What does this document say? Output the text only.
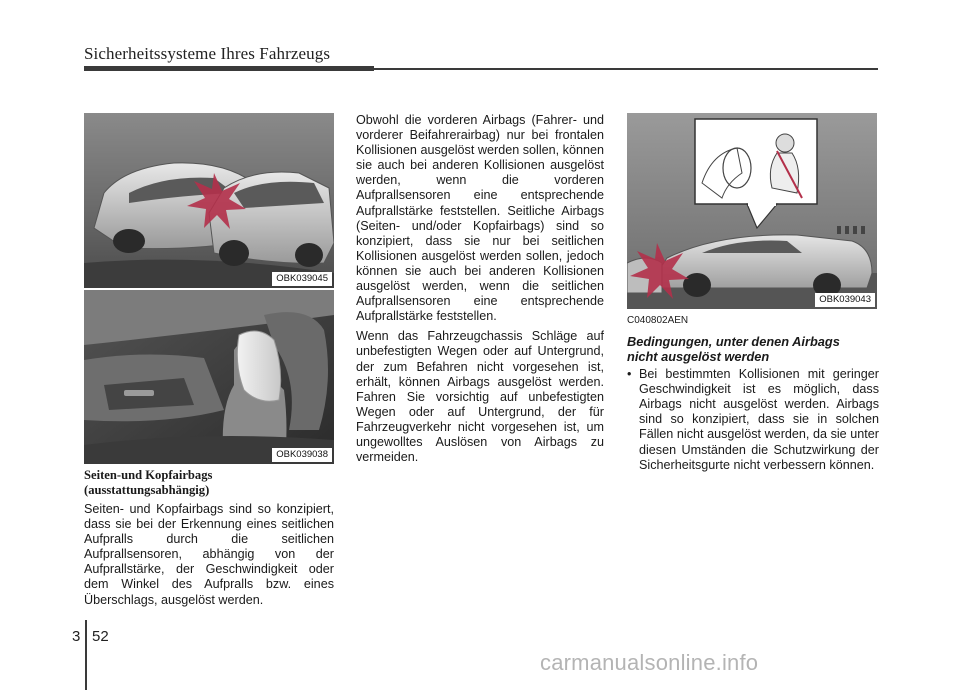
Sicherheitssysteme Ihres Fahrzeugs
OBK039045
OBK039038
Seiten-und Kopfairbags
(ausstattungsabhängig)

Seiten- und Kopfairbags sind so konzipiert, dass sie bei der Erkennung eines seitlichen Aufpralls durch die seitlichen Aufprallsensoren, abhängig von der Aufprallstärke, der Geschwindigkeit oder dem Winkel des Aufpralls bzw. eines Überschlags, ausgelöst werden.

Obwohl die vorderen Airbags (Fahrer- und vorderer Beifahrerairbag) nur bei frontalen Kollisionen ausgelöst werden sollen, können sie auch bei anderen Kollisionen ausgelöst werden, wenn die vorderen Aufprallsensoren eine entsprechende Aufprallstärke feststellen. Seitliche Airbags (Seiten- und/oder Kopfairbags) sind so konzipiert, dass sie nur bei seitlichen Kollisionen ausgelöst werden sollen, jedoch können sie auch bei anderen Kollisionen ausgelöst werden, wenn die seitlichen Aufprallsensoren eine entsprechende Aufprallstärke feststellen.

Wenn das Fahrzeugchassis Schläge auf unbefestigten Wegen oder auf Untergrund, der zum Befahren nicht vorgesehen ist, erhält, können Airbags ausgelöst werden. Fahren Sie vorsichtig auf unbefestigten Wegen oder auf Untergrund, der für Fahrzeugverkehr nicht vorgesehen ist, um ungewolltes Auslösen von Airbags zu vermeiden.

OBK039043
C040802AEN
Bedingungen, unter denen Airbags
nicht ausgelöst werden
• Bei bestimmten Kollisionen mit geringer Geschwindigkeit ist es möglich, dass Airbags nicht ausgelöst werden. Airbags sind so konzipiert, dass sie in solchen Fällen nicht ausgelöst werden, da sie unter diesen Umständen die Schutzwirkung der Sicherheitsgurte nicht verbessern können.
3 52
carmanualsonline.info
